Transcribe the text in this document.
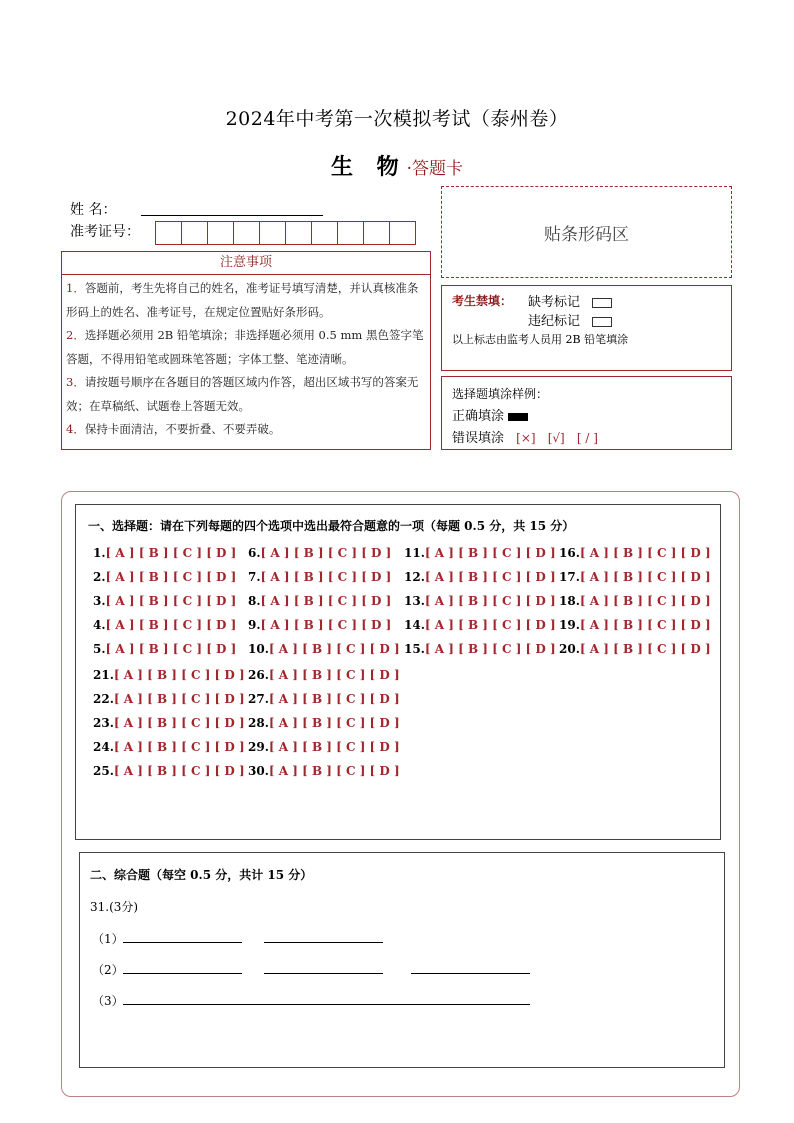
2024年中考第一次模拟考试（泰州卷）
生 物·答题卡
姓 名：
准考证号：
注意事项
1．答题前，考生先将自己的姓名，准考证号填写清楚，并认真核准条形码上的姓名、准考证号，在规定位置贴好条形码。
2．选择题必须用 2B 铅笔填涂；非选择题必须用 0.5 mm 黑色签字笔答题，不得用铅笔或圆珠笔答题；字体工整、笔迹清晰。
3．请按题号顺序在各题目的答题区域内作答，超出区域书写的答案无效；在草稿纸、试题卷上答题无效。
4．保持卡面清洁，不要折叠、不要弄破。
贴条形码区
考生禁填： 缺考标记
违纪标记
以上标志由监考人员用 2B 铅笔填涂
选择题填涂样例：
正确填涂
错误填涂 [×] [√] [ / ]
一、选择题：请在下列每题的四个选项中选出最符合题意的一项（每题 0.5 分，共 15 分）
1.[ A ] [ B ] [ C ] [ D ]
2.[ A ] [ B ] [ C ] [ D ]
3.[ A ] [ B ] [ C ] [ D ]
4.[ A ] [ B ] [ C ] [ D ]
5.[ A ] [ B ] [ C ] [ D ]
6.[ A ] [ B ] [ C ] [ D ]
7.[ A ] [ B ] [ C ] [ D ]
8.[ A ] [ B ] [ C ] [ D ]
9.[ A ] [ B ] [ C ] [ D ]
10.[ A ] [ B ] [ C ] [ D ]
11.[ A ] [ B ] [ C ] [ D ]
12.[ A ] [ B ] [ C ] [ D ]
13.[ A ] [ B ] [ C ] [ D ]
14.[ A ] [ B ] [ C ] [ D ]
15.[ A ] [ B ] [ C ] [ D ]
16.[ A ] [ B ] [ C ] [ D ]
17.[ A ] [ B ] [ C ] [ D ]
18.[ A ] [ B ] [ C ] [ D ]
19.[ A ] [ B ] [ C ] [ D ]
20.[ A ] [ B ] [ C ] [ D ]
21.[ A ] [ B ] [ C ] [ D ]
22.[ A ] [ B ] [ C ] [ D ]
23.[ A ] [ B ] [ C ] [ D ]
24.[ A ] [ B ] [ C ] [ D ]
25.[ A ] [ B ] [ C ] [ D ]
26.[ A ] [ B ] [ C ] [ D ]
27.[ A ] [ B ] [ C ] [ D ]
28.[ A ] [ B ] [ C ] [ D ]
29.[ A ] [ B ] [ C ] [ D ]
30.[ A ] [ B ] [ C ] [ D ]
二、综合题（每空 0.5 分，共计 15 分）
31.(3分)
（1）
（2）
（3）
